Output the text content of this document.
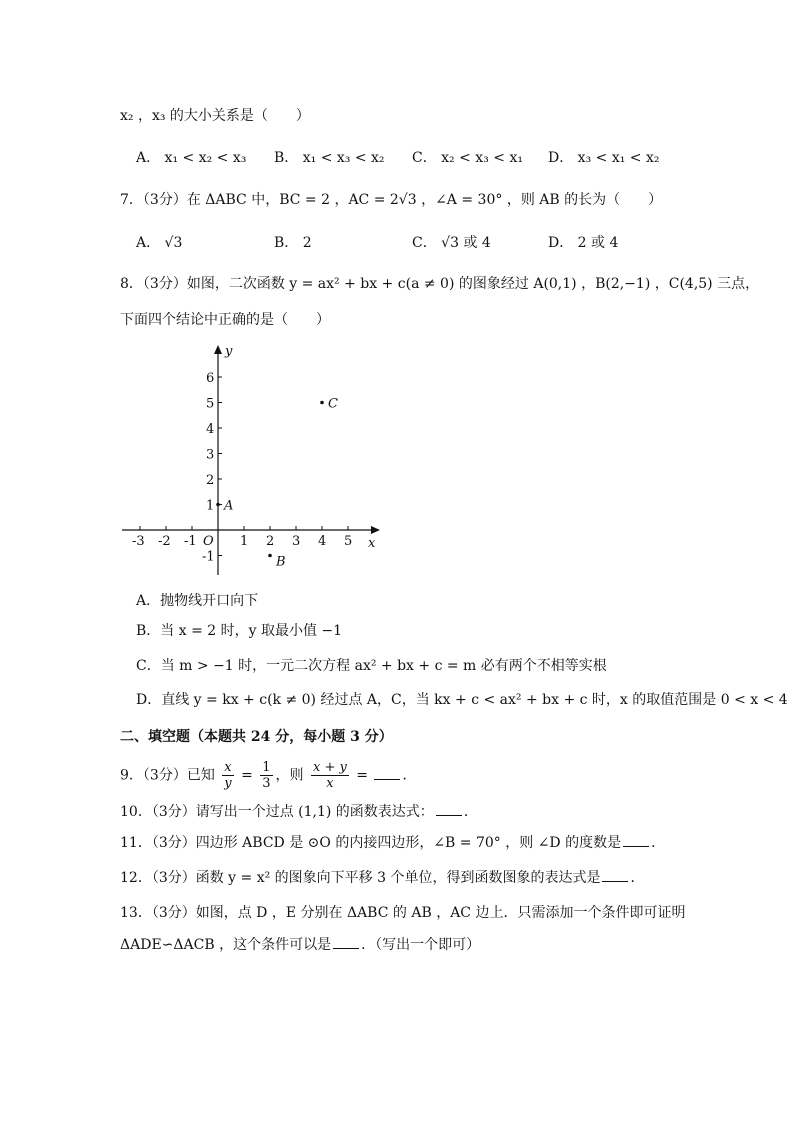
x₂ ，x₃ 的大小关系是（　　）
A． x₁ < x₂ < x₃ B． x₁ < x₃ < x₂ C． x₂ < x₃ < x₁ D． x₃ < x₁ < x₂
7．（3分）在 ΔABC 中，BC = 2 ，AC = 2√3 ，∠A = 30° ，则 AB 的长为（　　）
A． √3	B． 2	C． √3 或 4	D． 2 或 4
8．（3分）如图，二次函数 y = ax² + bx + c(a ≠ 0) 的图象经过 A(0,1) ，B(2,−1) ，C(4,5) 三点，
下面四个结论中正确的是（　　）
x
y
O
-3 -2 -1	1 2 3 4 5
6
5
4
3
2
1
-1
A
B
C
A．抛物线开口向下
B．当 x = 2 时，y 取最小值 −1
C．当 m > −1 时，一元二次方程 ax² + bx + c = m 必有两个不相等实根
D．直线 y = kx + c(k ≠ 0) 经过点 A，C，当 kx + c < ax² + bx + c 时，x 的取值范围是 0 < x < 4
二、填空题（本题共 24 分，每小题 3 分）
9．（3分）已知 $\frac{x}{y} = \frac{1}{3}$ ，则 $\frac{x + y}{x}$ = ．
10．（3分）请写出一个过点 (1,1) 的函数表达式： ．
11．（3分）四边形 ABCD 是 ⊙O 的内接四边形，∠B = 70° ，则 ∠D 的度数是 ．
12．（3分）函数 y = x² 的图象向下平移 3 个单位，得到函数图象的表达式是 ．
13．（3分）如图，点 D ，E 分别在 ΔABC 的 AB ，AC 边上．只需添加一个条件即可证明
ΔADE∽ΔACB ，这个条件可以是 ．（写出一个即可）
